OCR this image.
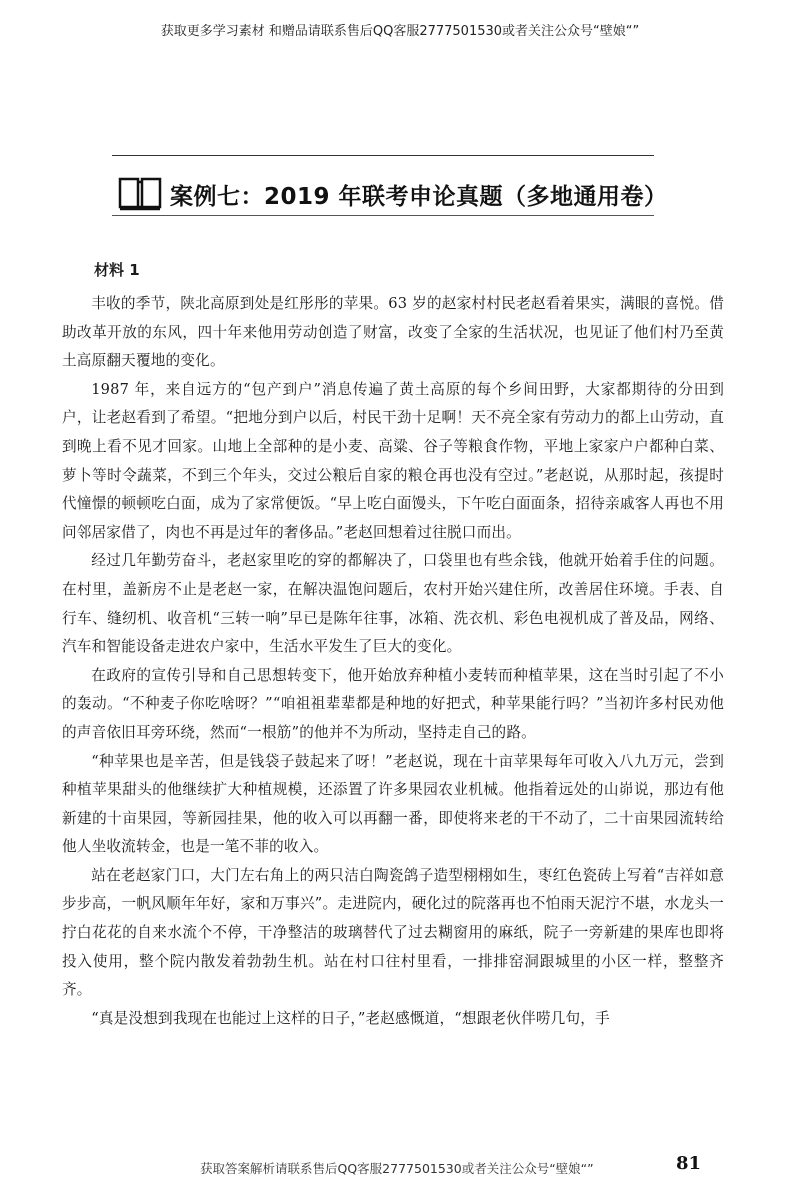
获取更多学习素材 和赠品请联系售后QQ客服2777501530或者关注公众号“壁娘“”
案例七：2019 年联考申论真题（多地通用卷）
材料 1

丰收的季节，陕北高原到处是红彤彤的苹果。63 岁的赵家村村民老赵看着果实，满眼的喜悦。借助改革开放的东风，四十年来他用劳动创造了财富，改变了全家的生活状况，也见证了他们村乃至黄土高原翻天覆地的变化。

1987 年，来自远方的“包产到户”消息传遍了黄土高原的每个乡间田野，大家都期待的分田到户，让老赵看到了希望。“把地分到户以后，村民干劲十足啊！天不亮全家有劳动力的都上山劳动，直到晚上看不见才回家。山地上全部种的是小麦、高粱、谷子等粮食作物，平地上家家户户都种白菜、萝卜等时令蔬菜，不到三个年头，交过公粮后自家的粮仓再也没有空过。”老赵说，从那时起，孩提时代憧憬的顿顿吃白面，成为了家常便饭。“早上吃白面馒头，下午吃白面面条，招待亲戚客人再也不用问邻居家借了，肉也不再是过年的奢侈品。”老赵回想着过往脱口而出。

经过几年勤劳奋斗，老赵家里吃的穿的都解决了，口袋里也有些余钱，他就开始着手住的问题。在村里，盖新房不止是老赵一家，在解决温饱问题后，农村开始兴建住所，改善居住环境。手表、自行车、缝纫机、收音机“三转一响”早已是陈年往事，冰箱、洗衣机、彩色电视机成了普及品，网络、汽车和智能设备走进农户家中，生活水平发生了巨大的变化。

在政府的宣传引导和自己思想转变下，他开始放弃种植小麦转而种植苹果，这在当时引起了不小的轰动。“不种麦子你吃啥呀？”“咱祖祖辈辈都是种地的好把式，种苹果能行吗？”当初许多村民劝他的声音依旧耳旁环绕，然而“一根筋”的他并不为所动，坚持走自己的路。

“种苹果也是辛苦，但是钱袋子鼓起来了呀！”老赵说，现在十亩苹果每年可收入八九万元，尝到种植苹果甜头的他继续扩大种植规模，还添置了许多果园农业机械。他指着远处的山峁说，那边有他新建的十亩果园，等新园挂果，他的收入可以再翻一番，即使将来老的干不动了，二十亩果园流转给他人坐收流转金，也是一笔不菲的收入。

站在老赵家门口，大门左右角上的两只洁白陶瓷鸽子造型栩栩如生，枣红色瓷砖上写着“吉祥如意步步高，一帆风顺年年好，家和万事兴”。走进院内，硬化过的院落再也不怕雨天泥泞不堪，水龙头一拧白花花的自来水流个不停，干净整洁的玻璃替代了过去糊窗用的麻纸，院子一旁新建的果库也即将投入使用，整个院内散发着勃勃生机。站在村口往村里看，一排排窑洞跟城里的小区一样，整整齐齐。

“真是没想到我现在也能过上这样的日子，”老赵感慨道，“想跟老伙伴唠几句，手

获取答案解析请联系售后QQ客服2777501530或者关注公众号“壁娘“”	81
